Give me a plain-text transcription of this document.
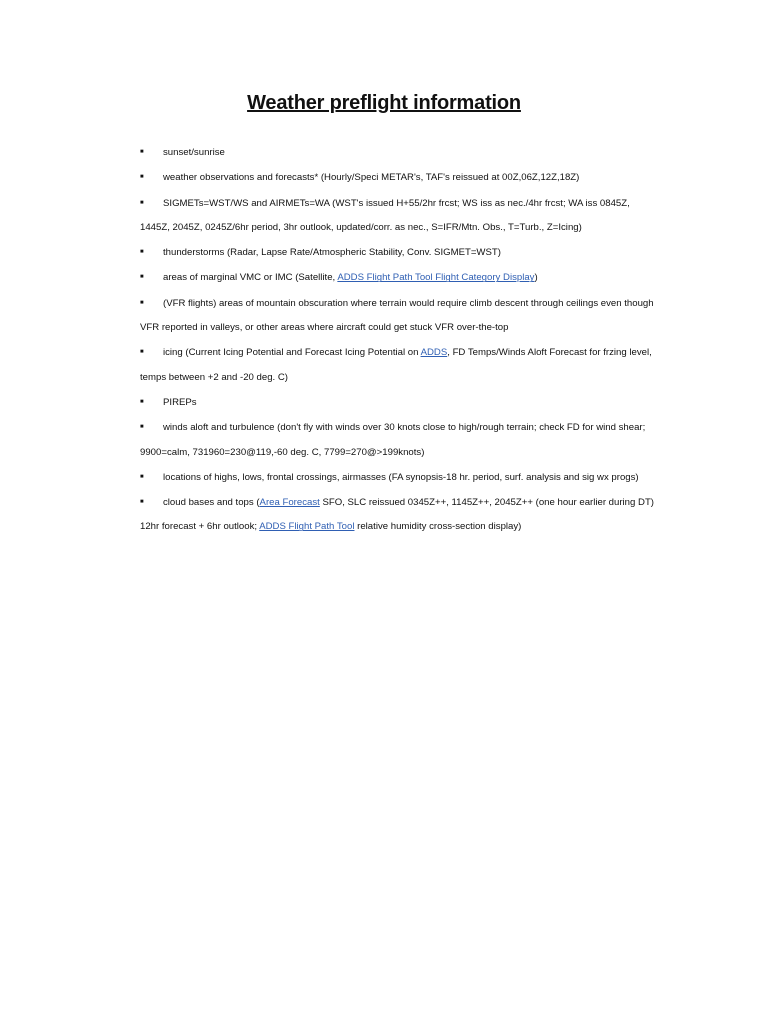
Weather preflight information

■sunset/sunrise

■weather observations and forecasts* (Hourly/Speci METAR's, TAF's reissued at 00Z,06Z,12Z,18Z)

■SIGMETs=WST/WS and AIRMETs=WA (WST's issued H+55/2hr frcst; WS iss as nec./4hr frcst; WA iss 0845Z, 1445Z, 2045Z, 0245Z/6hr period, 3hr outlook, updated/corr. as nec., S=IFR/Mtn. Obs., T=Turb., Z=Icing)

■thunderstorms (Radar, Lapse Rate/Atmospheric Stability, Conv. SIGMET=WST)

■areas of marginal VMC or IMC (Satellite, ADDS Flight Path Tool Flight Category Display)

■(VFR flights) areas of mountain obscuration where terrain would require climb descent through ceilings even though VFR reported in valleys, or other areas where aircraft could get stuck VFR over-the-top

■icing (Current Icing Potential and Forecast Icing Potential on ADDS, FD Temps/Winds Aloft Forecast for frzing level, temps between +2 and -20 deg. C)

■PIREPs

■winds aloft and turbulence (don't fly with winds over 30 knots close to high/rough terrain; check FD for wind shear; 9900=calm, 731960=230@119,-60 deg. C, 7799=270@>199knots)

■locations of highs, lows, frontal crossings, airmasses (FA synopsis-18 hr. period, surf. analysis and sig wx progs)

■cloud bases and tops (Area Forecast SFO, SLC reissued 0345Z++, 1145Z++, 2045Z++ (one hour earlier during DT) 12hr forecast + 6hr outlook; ADDS Flight Path Tool relative humidity cross-section display)
